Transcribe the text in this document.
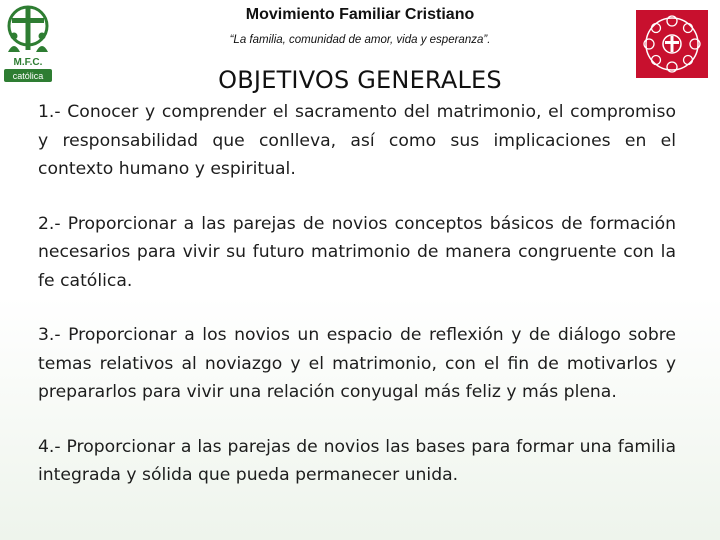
M.F.C.
católica
Movimiento Familiar Cristiano
“La familia, comunidad de amor, vida y esperanza”.
OBJETIVOS GENERALES

1.- Conocer y comprender el sacramento del matrimonio, el compromiso y responsabilidad que conlleva, así como sus implicaciones en el contexto humano y espiritual.

2.- Proporcionar a las parejas de novios conceptos básicos de formación necesarios para vivir su futuro matrimonio de manera congruente con la fe católica.

3.- Proporcionar a los novios un espacio de reflexión y de diálogo sobre temas relativos al noviazgo y el matrimonio, con el fin de motivarlos y prepararlos para vivir una relación conyugal más feliz y más plena.

4.- Proporcionar a las parejas de novios las bases para formar una familia integrada y sólida que pueda permanecer unida.
